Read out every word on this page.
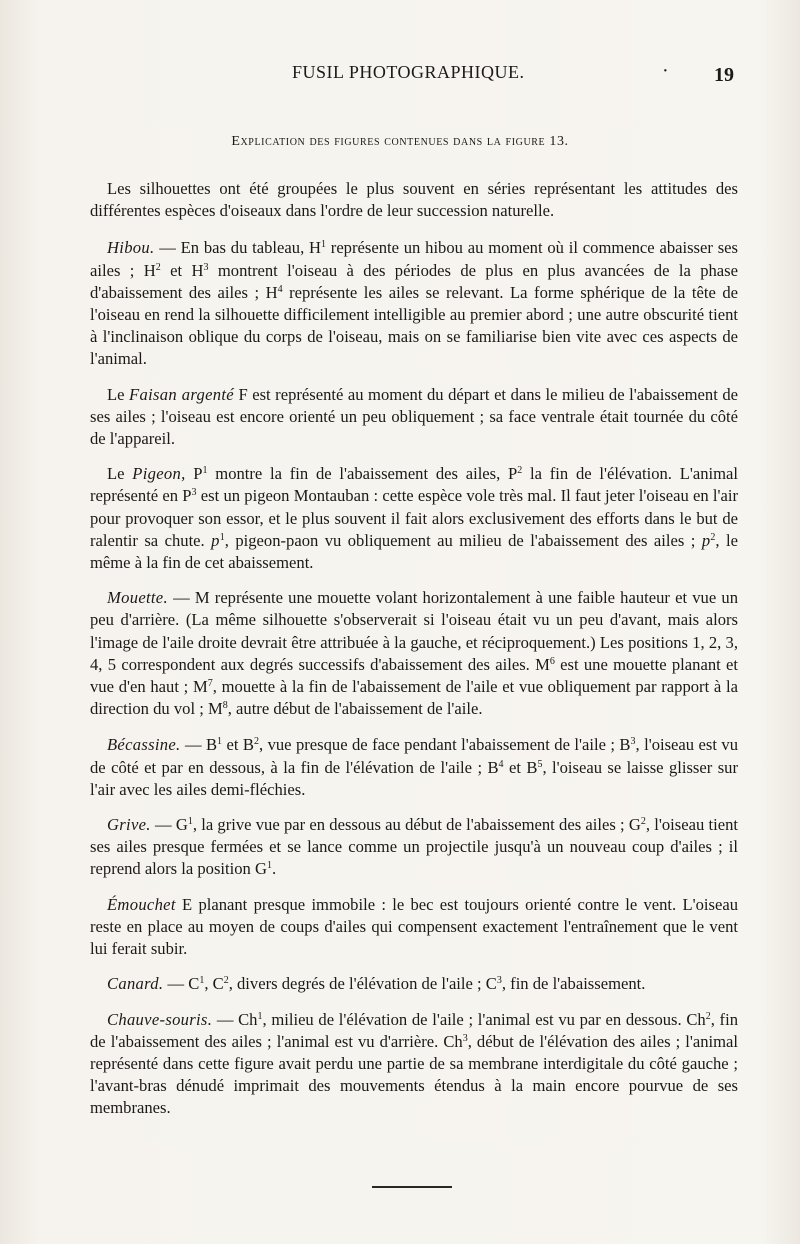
FUSIL PHOTOGRAPHIQUE.	· 19
Explication des figures contenues dans la figure 13.

Les silhouettes ont été groupées le plus souvent en séries représentant les attitudes des différentes espèces d'oiseaux dans l'ordre de leur succession naturelle.

Hibou. — En bas du tableau, $H^1$ représente un hibou au moment où il commence abaisser ses ailes ; $H^2$ et $H^3$ montrent l'oiseau à des périodes de plus en plus avancées de la phase d'abaissement des ailes ; $H^4$ représente les ailes se relevant. La forme sphérique de la tête de l'oiseau en rend la silhouette difficilement intelligible au premier abord ; une autre obscurité tient à l'inclinaison oblique du corps de l'oiseau, mais on se familiarise bien vite avec ces aspects de l'animal.

Le Faisan argenté F est représenté au moment du départ et dans le milieu de l'abaissement de ses ailes ; l'oiseau est encore orienté un peu obliquement ; sa face ventrale était tournée du côté de l'appareil.

Le Pigeon, $P^1$ montre la fin de l'abaissement des ailes, $P^2$ la fin de l'élévation. L'animal représenté en $P^3$ est un pigeon Montauban : cette espèce vole très mal. Il faut jeter l'oiseau en l'air pour provoquer son essor, et le plus souvent il fait alors exclusivement des efforts dans le but de ralentir sa chute. $p^1$, pigeon-paon vu obliquement au milieu de l'abaissement des ailes ; $p^2$, le même à la fin de cet abaissement.

Mouette. — M représente une mouette volant horizontalement à une faible hauteur et vue un peu d'arrière. (La même silhouette s'observerait si l'oiseau était vu un peu d'avant, mais alors l'image de l'aile droite devrait être attribuée à la gauche, et réciproquement.) Les positions 1, 2, 3, 4, 5 correspondent aux degrés successifs d'abaissement des ailes. $M^6$ est une mouette planant et vue d'en haut ; $M^7$, mouette à la fin de l'abaissement de l'aile et vue obliquement par rapport à la direction du vol ; $M^8$, autre début de l'abaissement de l'aile.

Bécassine. — $B^1$ et $B^2$, vue presque de face pendant l'abaissement de l'aile ; $B^3$, l'oiseau est vu de côté et par en dessous, à la fin de l'élévation de l'aile ; $B^4$ et $B^5$, l'oiseau se laisse glisser sur l'air avec les ailes demi-fléchies.

Grive. — $G^1$, la grive vue par en dessous au début de l'abaissement des ailes ; $G^2$, l'oiseau tient ses ailes presque fermées et se lance comme un projectile jusqu'à un nouveau coup d'ailes ; il reprend alors la position $G^1$.

Émouchet E planant presque immobile : le bec est toujours orienté contre le vent. L'oiseau reste en place au moyen de coups d'ailes qui compensent exactement l'entraînement que le vent lui ferait subir.

Canard. — $C^1$, $C^2$, divers degrés de l'élévation de l'aile ; $C^3$, fin de l'abaissement.

Chauve-souris. — Ch$^1$, milieu de l'élévation de l'aile ; l'animal est vu par en dessous. Ch$^2$, fin de l'abaissement des ailes ; l'animal est vu d'arrière. Ch$^3$, début de l'élévation des ailes ; l'animal représenté dans cette figure avait perdu une partie de sa membrane interdigitale du côté gauche ; l'avant-bras dénudé imprimait des mouvements étendus à la main encore pourvue de ses membranes.
